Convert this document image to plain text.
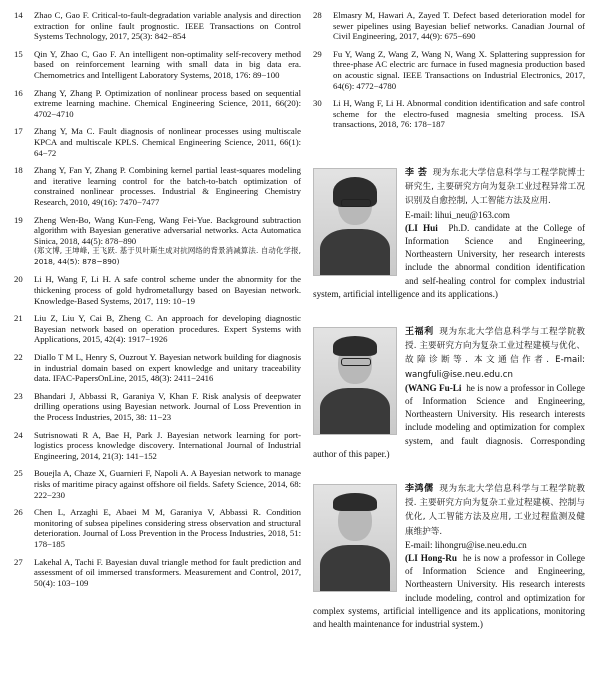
14 Zhao C, Gao F. Critical-to-fault-degradation variable analysis and direction extraction for online fault prognostic. IEEE Transactions on Control Systems Technology, 2017, 25(3): 842−854
15 Qin Y, Zhao C, Gao F. An intelligent non-optimality self-recovery method based on reinforcement learning with small data in big data era. Chemometrics and Intelligent Laboratory Systems, 2018, 176: 89−100
16 Zhang Y, Zhang P. Optimization of nonlinear process based on sequential extreme learning machine. Chemical Engineering Science, 2011, 66(20): 4702−4710
17 Zhang Y, Ma C. Fault diagnosis of nonlinear processes using multiscale KPCA and multiscale KPLS. Chemical Engineering Science, 2011, 66(1): 64−72
18 Zhang Y, Fan Y, Zhang P. Combining kernel partial least-squares modeling and iterative learning control for the batch-to-batch optimization of constrained nonlinear processes. Industrial & Engineering Chemistry Research, 2010, 49(16): 7470−7477
19 Zheng Wen-Bo, Wang Kun-Feng, Wang Fei-Yue. Background subtraction algorithm with Bayesian generative adversarial networks. Acta Automatica Sinica, 2018, 44(5): 878−890
(郑文博, 王坤峰, 王飞跃. 基于贝叶斯生成对抗网络的背景消减算法. 自动化学报, 2018, 44(5): 878−890)
20 Li H, Wang F, Li H. A safe control scheme under the abnormity for the thickening process of gold hydrometallurgy based on Bayesian network. Knowledge-Based Systems, 2017, 119: 10−19
21 Liu Z, Liu Y, Cai B, Zheng C. An approach for developing diagnostic Bayesian network based on operation procedures. Expert Systems with Applications, 2015, 42(4): 1917−1926
22 Diallo T M L, Henry S, Ouzrout Y. Bayesian network building for diagnosis in industrial domain based on expert knowledge and unitary traceability data. IFAC-PapersOnLine, 2015, 48(3): 2411−2416
23 Bhandari J, Abbassi R, Garaniya V, Khan F. Risk analysis of deepwater drilling operations using Bayesian network. Journal of Loss Prevention in the Process Industries, 2015, 38: 11−23
24 Sutrisnowati R A, Bae H, Park J. Bayesian network learning for port-logistics process knowledge discovery. International Journal of Industrial Engineering, 2014, 21(3): 141−152
25 Bouejla A, Chaze X, Guarnieri F, Napoli A. A Bayesian network to manage risks of maritime piracy against offshore oil fields. Safety Science, 2014, 68: 222−230
26 Chen L, Arzaghi E, Abaei M M, Garaniya V, Abbassi R. Condition monitoring of subsea pipelines considering stress observation and structural deterioration. Journal of Loss Prevention in the Process Industries, 2018, 51: 178−185
27 Lakehal A, Tachi F. Bayesian duval triangle method for fault prediction and assessment of oil immersed transformers. Measurement and Control, 2017, 50(4): 103−109
28 Elmasry M, Hawari A, Zayed T. Defect based deterioration model for sewer pipelines using Bayesian belief networks. Canadian Journal of Civil Engineering, 2017, 44(9): 675−690
29 Fu Y, Wang Z, Wang Z, Wang N, Wang X. Splattering suppression for three-phase AC electric arc furnace in fused magnesia production based on acoustic signal. IEEE Transactions on Industrial Electronics, 2017, 64(6): 4772−4780
30 Li H, Wang F, Li H. Abnormal condition identification and safe control scheme for the electro-fused magnesia smelting process. ISA transactions, 2018, 76: 178−187
李 荟 现为东北大学信息科学与工程学院博士研究生, 主要研究方向为复杂工业过程异常工况识别及自愈控制, 人工智能方法及应用.
E-mail: lihui_neu@163.com
(LI Hui Ph.D. candidate at the College of Information Science and Engineering, Northeastern University, her research interests include the abnormal condition identification and self-healing control for complex industrial system, artificial intelligence and its applications.)
王福利 现为东北大学信息科学与工程学院教授. 主要研究方向为复杂工业过程建模与优化、故障诊断等. 本文通信作者. E-mail: wangfuli@ise.neu.edu.cn
(WANG Fu-Li he is now a professor in College of Information Science and Engineering, Northeastern University. His research interests include modeling and optimization for complex system, and fault diagnosis. Corresponding author of this paper.)
李鸿儒 现为东北大学信息科学与工程学院教授. 主要研究方向为复杂工业过程建模、控制与优化, 人工智能方法及应用, 工业过程监测及健康维护等.
E-mail: lihongru@ise.neu.edu.cn
(LI Hong-Ru he is now a professor in College of Information Science and Engineering, Northeastern University. His research interests include modeling, control and optimization for complex systems, artificial intelligence and its applications, monitoring and health maintenance for industrial system.)
